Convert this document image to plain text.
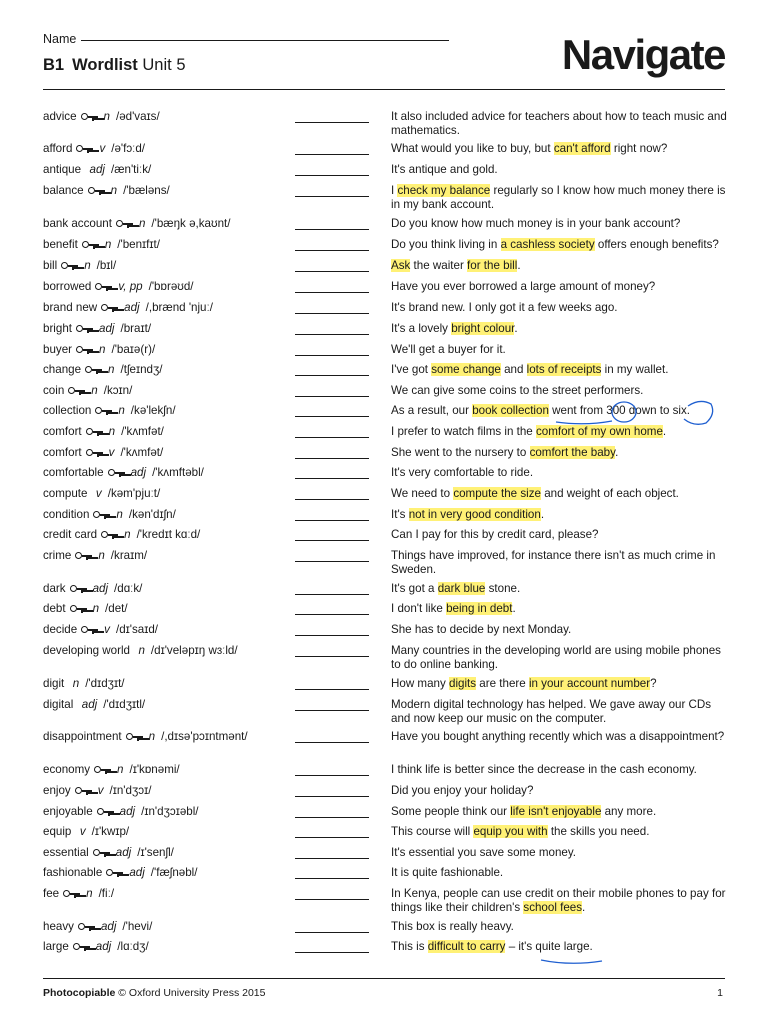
Name
B1 Wordlist Unit 5	Navigate
advice n /əd'vaɪs/	It also included advice for teachers about how to teach music and mathematics.
afford v /ə'fɔːd/	What would you like to buy, but can't afford right now?
antique adj /æn'tiːk/	It's antique and gold.
balance n /'bæləns/	I check my balance regularly so I know how much money there is in my bank account.
bank account n /'bæŋk ə,kaʊnt/	Do you know how much money is in your bank account?
benefit n /'benɪfɪt/	Do you think living in a cashless society offers enough benefits?
bill n /bɪl/	Ask the waiter for the bill.
borrowed v, pp /'bɒrəʊd/	Have you ever borrowed a large amount of money?
brand new adj /,brænd 'njuː/	It's brand new. I only got it a few weeks ago.
bright adj /braɪt/	It's a lovely bright colour.
buyer n /'baɪə(r)/	We'll get a buyer for it.
change n /tʃeɪndʒ/	I've got some change and lots of receipts in my wallet.
coin n /kɔɪn/	We can give some coins to the street performers.
collection n /kə'lekʃn/	As a result, our book collection went from 300 down to six.
comfort n /'kʌmfət/	I prefer to watch films in the comfort of my own home.
comfort v /'kʌmfət/	She went to the nursery to comfort the baby.
comfortable adj /'kʌmftəbl/	It's very comfortable to ride.
compute v /kəm'pjuːt/	We need to compute the size and weight of each object.
condition n /kən'dɪʃn/	It's not in very good condition.
credit card n /'kredɪt kɑːd/	Can I pay for this by credit card, please?
crime n /kraɪm/	Things have improved, for instance there isn't as much crime in Sweden.
dark adj /dɑːk/	It's got a dark blue stone.
debt n /det/	I don't like being in debt.
decide v /dɪ'saɪd/	She has to decide by next Monday.
developing world n /dɪ'veləpɪŋ wɜːld/	Many countries in the developing world are using mobile phones to do online banking.
digit n /'dɪdʒɪt/	How many digits are there in your account number?
digital adj /'dɪdʒɪtl/	Modern digital technology has helped. We gave away our CDs and now keep our music on the computer.
disappointment n /,dɪsə'pɔɪntmənt/	Have you bought anything recently which was a disappointment?
economy n /ɪ'kɒnəmi/	I think life is better since the decrease in the cash economy.
enjoy v /ɪn'dʒɔɪ/	Did you enjoy your holiday?
enjoyable adj /ɪn'dʒɔɪəbl/	Some people think our life isn't enjoyable any more.
equip v /ɪ'kwɪp/	This course will equip you with the skills you need.
essential adj /ɪ'senʃl/	It's essential you save some money.
fashionable adj /'fæʃnəbl/	It is quite fashionable.
fee n /fiː/	In Kenya, people can use credit on their mobile phones to pay for things like their children's school fees.
heavy adj /'hevi/	This box is really heavy.
large adj /lɑːdʒ/	This is difficult to carry – it's quite large.
Photocopiable © Oxford University Press 2015	1
